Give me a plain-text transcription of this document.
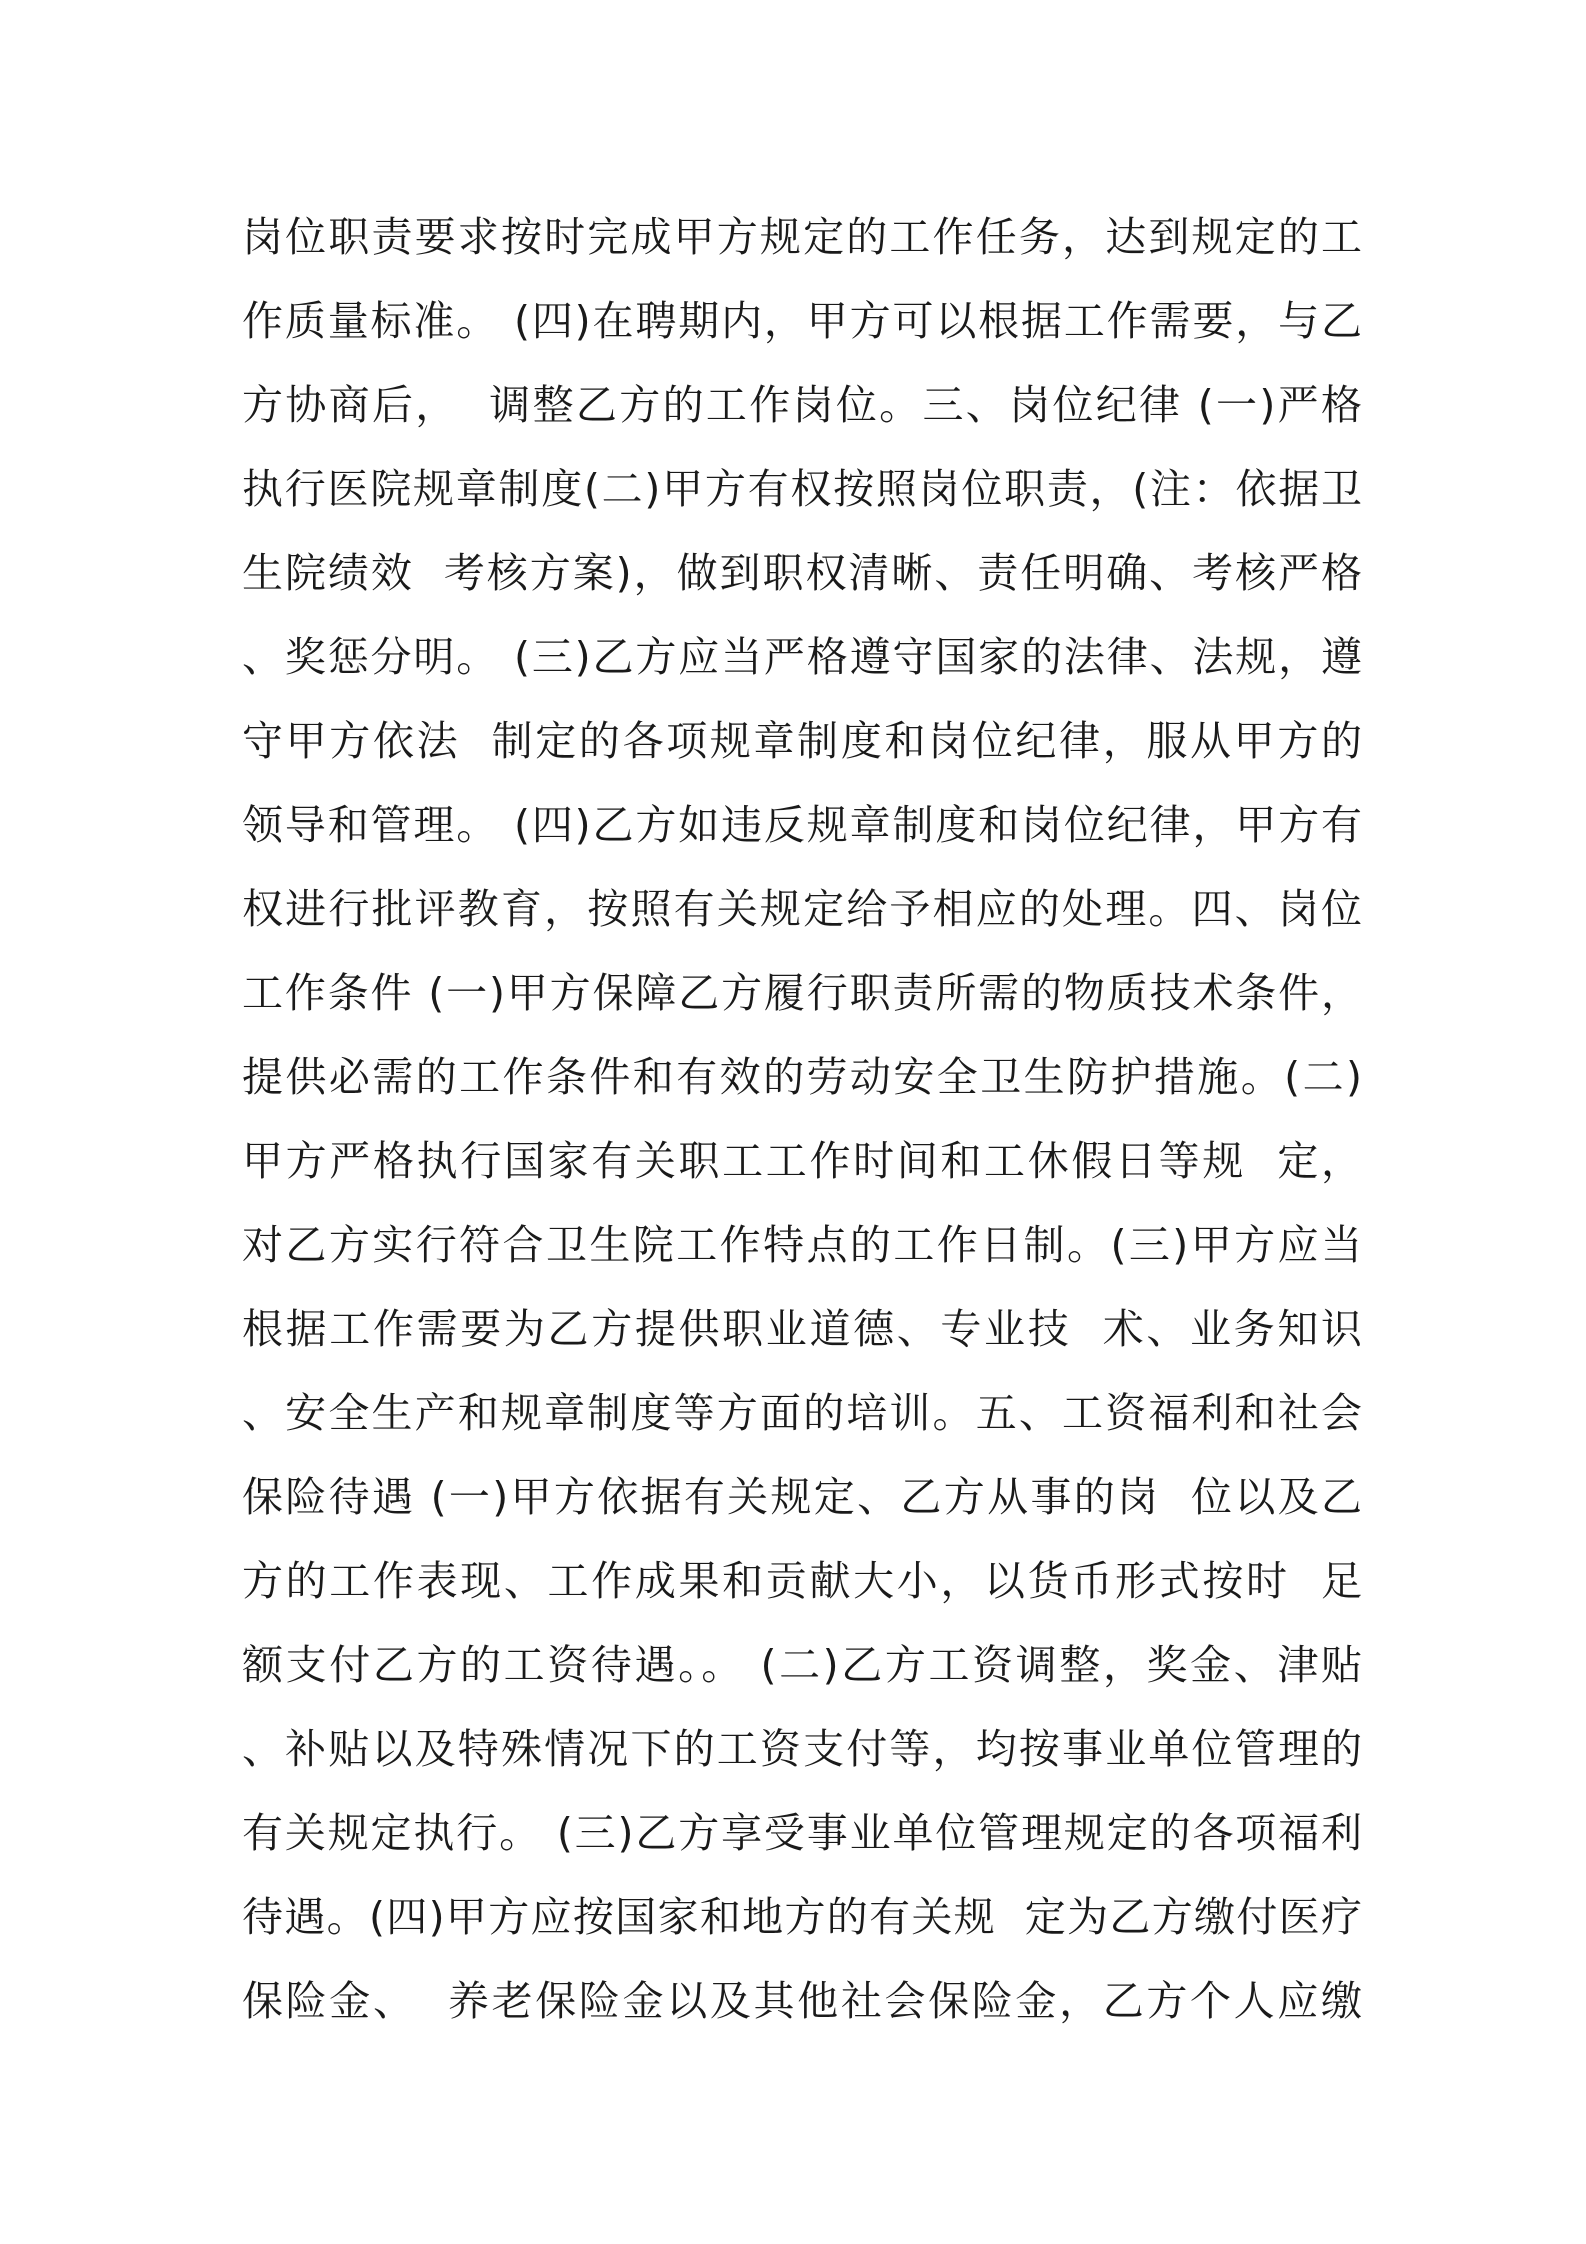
岗位职责要求按时完成甲方规定的工作任务，达到规定的工
作质量标准。 (四)在聘期内，甲方可以根据工作需要，与乙
方协商后，  调整乙方的工作岗位。三、岗位纪律 (一)严格
执行医院规章制度(二)甲方有权按照岗位职责，(注：依据卫
生院绩效  考核方案)，做到职权清晰、责任明确、考核严格
、奖惩分明。 (三)乙方应当严格遵守国家的法律、法规，遵
守甲方依法  制定的各项规章制度和岗位纪律，服从甲方的
领导和管理。 (四)乙方如违反规章制度和岗位纪律，甲方有
权进行批评教育，按照有关规定给予相应的处理。四、岗位
工作条件 (一)甲方保障乙方履行职责所需的物质技术条件，
提供必需的工作条件和有效的劳动安全卫生防护措施。(二)
甲方严格执行国家有关职工工作时间和工休假日等规  定，
对乙方实行符合卫生院工作特点的工作日制。(三)甲方应当
根据工作需要为乙方提供职业道德、专业技  术、业务知识
、安全生产和规章制度等方面的培训。五、工资福利和社会
保险待遇 (一)甲方依据有关规定、乙方从事的岗  位以及乙
方的工作表现、工作成果和贡献大小，以货币形式按时  足
额支付乙方的工资待遇。。 (二)乙方工资调整，奖金、津贴
、补贴以及特殊情况下的工资支付等，均按事业单位管理的
有关规定执行。 (三)乙方享受事业单位管理规定的各项福利
待遇。(四)甲方应按国家和地方的有关规  定为乙方缴付医疗
保险金、  养老保险金以及其他社会保险金，乙方个人应缴
